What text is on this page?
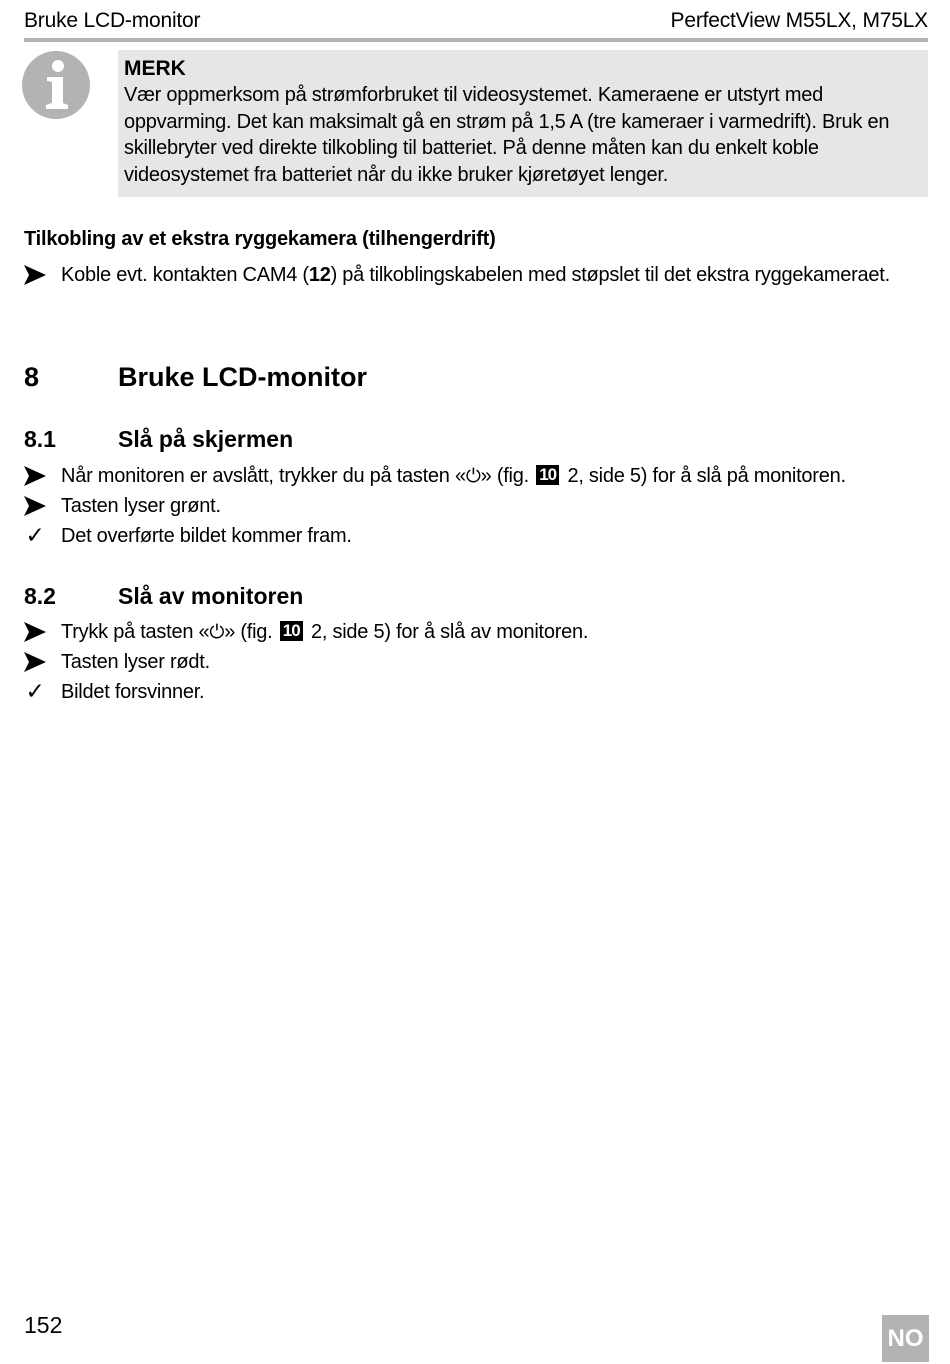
Bruke LCD-monitor	PerfectView M55LX, M75LX
MERK
Vær oppmerksom på strømforbruket til videosystemet. Kameraene er utstyrt med oppvarming. Det kan maksimalt gå en strøm på 1,5 A (tre kameraer i varmedrift). Bruk en skillebryter ved direkte tilkobling til batteriet. På denne måten kan du enkelt koble videosystemet fra batteriet når du ikke bruker kjøretøyet lenger.
Tilkobling av et ekstra ryggekamera (tilhengerdrift)
Koble evt. kontakten CAM4 (12) på tilkoblingskabelen med støpslet til det ekstra ryggekameraet.
8	Bruke LCD-monitor
8.1	Slå på skjermen
Når monitoren er avslått, trykker du på tasten «⏻» (fig. 10 2, side 5) for å slå på monitoren.
Tasten lyser grønt.
✓ Det overførte bildet kommer fram.
8.2	Slå av monitoren
Trykk på tasten «⏻» (fig. 10 2, side 5) for å slå av monitoren.
Tasten lyser rødt.
✓ Bildet forsvinner.
152	NO
